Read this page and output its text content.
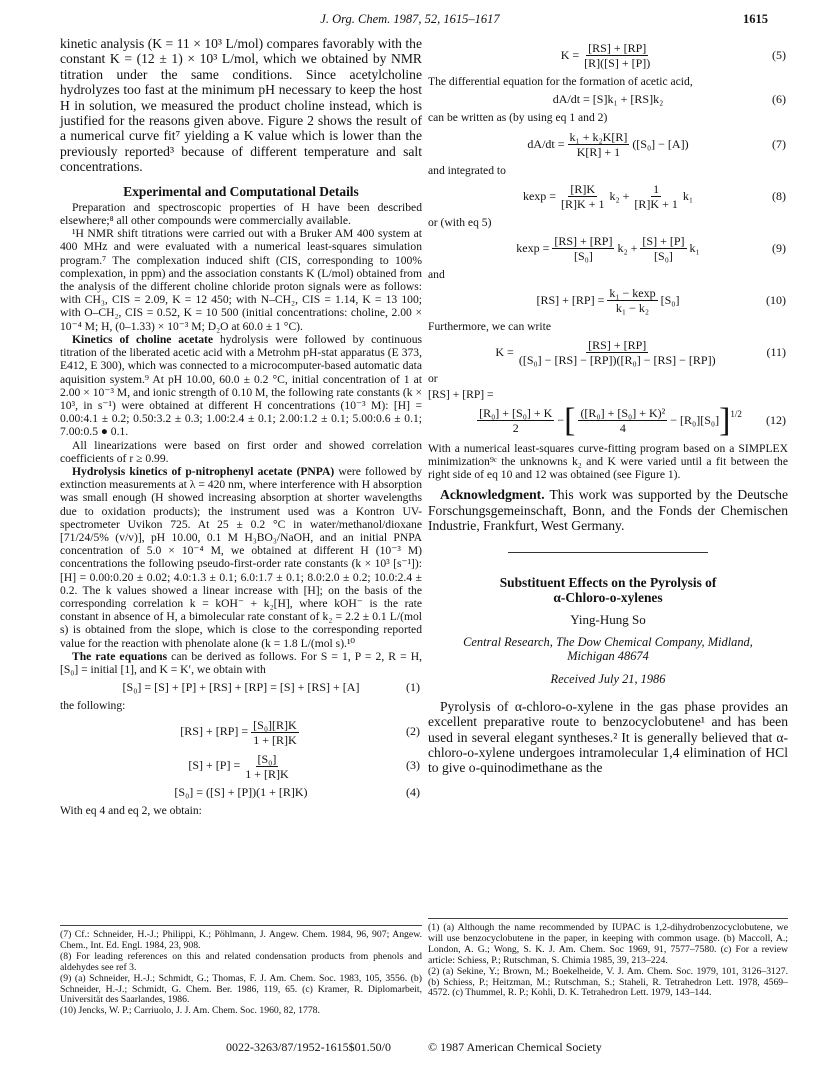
J. Org. Chem. 1987, 52, 1615–1617	1615

kinetic analysis (K = 11 × 10³ L/mol) compares favorably with the constant K = (12 ± 1) × 10³ L/mol, which we obtained by NMR titration under the same conditions. Since acetylcholine hydrolyzes too fast at the minimum pH necessary to keep the host H in solution, we measured the product choline instead, which is justified for the reasons given above. Figure 2 shows the result of a numerical curve fit⁷ yielding a K value which is lower than the previously reported³ because of different temperature and salt concentrations.

Experimental and Computational Details

Preparation and spectroscopic properties of H have been described elsewhere;⁸ all other compounds were commercially available.

¹H NMR shift titrations were carried out with a Bruker AM 400 system at 400 MHz and were evaluated with a numerical least-squares simulation program.⁷ The complexation induced shift (CIS, corresponding to 100% complexation, in ppm) and the association constants K (L/mol) obtained from the analysis of the different choline chloride proton signals were as follows: with CH₃, CIS = 2.09, K = 12 450; with N–CH₂, CIS = 1.14, K = 13 100; with O–CH₂, CIS = 0.52, K = 10 500 (initial concentrations: choline, 2.00 × 10⁻⁴ M; H, (0–1.33) × 10⁻³ M; D₂O at 60.0 ± 1 °C).

Kinetics of choline acetate hydrolysis were followed by continuous titration of the liberated acetic acid with a Metrohm pH-stat apparatus (E 373, E412, E 300), which was connected to a microcomputer-based automatic data aquisition system.⁹ At pH 10.00, 60.0 ± 0.2 °C, initial concentration of 1 at 2.00 × 10⁻³ M, and ionic strength of 0.10 M, the following rate constants (k × 10³, in s⁻¹) were obtained at different H concentrations (10⁻³ M): [H] = 0.00:4.1 ± 0.2; 0.50:3.2 ± 0.3; 1.00:2.4 ± 0.1; 2.00:1.2 ± 0.1; 5.00:0.6 ± 0.1; 7.00:0.5 ● 0.1.

All linearizations were based on first order and showed correlation coefficients of r ≥ 0.99.

Hydrolysis kinetics of p-nitrophenyl acetate (PNPA) were followed by extinction measurements at λ = 420 nm, where interference with H absorption was small enough (H showed increasing absorption at shorter wavelengths due to oxidation products); the instrument used was a Kontron UV-spectrometer Uvikon 725. At 25 ± 0.2 °C in water/methanol/dioxane [71/24/5% (v/v)], pH 10.00, 0.1 M H₃BO₃/NaOH, and an initial PNPA concentration of 5.0 × 10⁻⁴ M, we obtained at different H (10⁻³ M) concentrations the following pseudo-first-order rate constants (k × 10³ [s⁻¹]): [H] = 0.00:0.20 ± 0.02; 4.0:1.3 ± 0.1; 6.0:1.7 ± 0.1; 8.0:2.0 ± 0.2; 10.0:2.4 ± 0.2. The k values showed a linear increase with [H]; on the basis of the corresponding correlation k = kOH⁻ + k₂[H], where kOH⁻ is the rate constant in absence of H, a bimolecular rate constant of k₂ = 2.2 ± 0.1 L/(mol s) is obtained from the slope, which is close to the corresponding reported value for the reaction with phenolate alone (k = 1.8 L/(mol s).¹⁰

The rate equations can be derived as follows. For S = 1, P = 2, R = H, [S₀] = initial [1], and K = K′, we obtain with

[S₀] = [S] + [P] + [RS] + [RP] = [S] + [RS] + [A]	(1)

the following:

$[RS] + [RP] = \frac{\text{[S₀][R]K}}{1 + [R]K}$	(2)
$[S] + [P] = \frac{\text{[S₀]}}{1 + [R]K}$	(3)
[S₀] = ([S] + [P])(1 + [R]K)	(4)

With eq 4 and eq 2, we obtain:

(7) Cf.: Schneider, H.-J.; Philippi, K.; Pöhlmann, J. Angew. Chem. 1984, 96, 907; Angew. Chem., Int. Ed. Engl. 1984, 23, 908.

(8) For leading references on this and related condensation products from phenols and aldehydes see ref 3.

(9) (a) Schneider, H.-J.; Schmidt, G.; Thomas, F. J. Am. Chem. Soc. 1983, 105, 3556. (b) Schneider, H.-J.; Schmidt, G. Chem. Ber. 1986, 119, 65. (c) Kramer, R. Diplomarbeit, Universität des Saarlandes, 1986.

(10) Jencks, W. P.; Carriuolo, J. J. Am. Chem. Soc. 1960, 82, 1778.

$K = \frac{[RS] + [RP]}{[R]([S] + [P])}$	(5)

The differential equation for the formation of acetic acid,

dA/dt = [S]k₁ + [RS]k₂	(6)

can be written as (by using eq 1 and 2)

$dA/dt = \frac{\text{k₁ + k₂K[R]}}{K[R] + 1} ([S_0] - [A])$	(7)

and integrated to

$kexp = \frac{[R]K}{[R]K + 1} k_2 + \frac{1}{[R]K + 1} k_1$	(8)

or (with eq 5)

$kexp = \frac{[RS] + [RP]}{\text{[S₀]}} k_2 + \frac{[S] + [P]}{\text{[S₀]}} k_1$	(9)

and

$[RS] + [RP] = \frac{\text{k₁ − kexp}}{\text{k₁ − k₂}} [S_0]$	(10)

Furthermore, we can write

$K = \frac{[RS] + [RP]}{\text{([S₀] − [RS] − [RP])([R₀] − [RS] − [RP])}}$	(11)

or

[RS] + [RP] =

$\frac{\text{[R₀] + [S₀] + K}}{2}$ − [ $\frac{\text{([R₀] + [S₀] + K)²}}{4} - [R_0][S_0]$ ]$^{1/2}$ (12)

With a numerical least-squares curve-fitting program based on a SIMPLEX minimization⁹ᶜ the unknowns k₂ and K were varied until a fit between the right side of eq 10 and 12 was obtained (see Figure 1).

Acknowledgment. This work was supported by the Deutsche Forschungsgemeinschaft, Bonn, and the Fonds der Chemischen Industrie, Frankfurt, West Germany.

Substituent Effects on the Pyrolysis of
α-Chloro-o-xylenes
Ying-Hung So
Central Research, The Dow Chemical Company, Midland,
Michigan 48674
Received July 21, 1986

Pyrolysis of α-chloro-o-xylene in the gas phase provides an excellent preparative route to benzocyclobutene¹ and has been used in several elegant syntheses.² It is generally believed that α-chloro-o-xylene undergoes intramolecular 1,4 elimination of HCl to give o-quinodimethane as the

(1) (a) Although the name recommended by IUPAC is 1,2-dihydrobenzocyclobutene, we will use benzocyclobutene in the paper, in keeping with common usage. (b) Maccoll, A.; London, A. G.; Wong, S. K. J. Am. Chem. Soc 1969, 91, 7577–7580. (c) For a review article: Schiess, P.; Rutschman, S. Chimia 1985, 39, 213–224.

(2) (a) Sekine, Y.; Brown, M.; Boekelheide, V. J. Am. Chem. Soc. 1979, 101, 3126–3127. (b) Schiess, P.; Heitzman, M.; Rutschman, S.; Staheli, R. Tetrahedron Lett. 1978, 4569–4572. (c) Thummel, R. P.; Kohli, D. K. Tetrahedron Lett. 1979, 143–144.

0022-3263/87/1952-1615$01.50/0	© 1987 American Chemical Society
